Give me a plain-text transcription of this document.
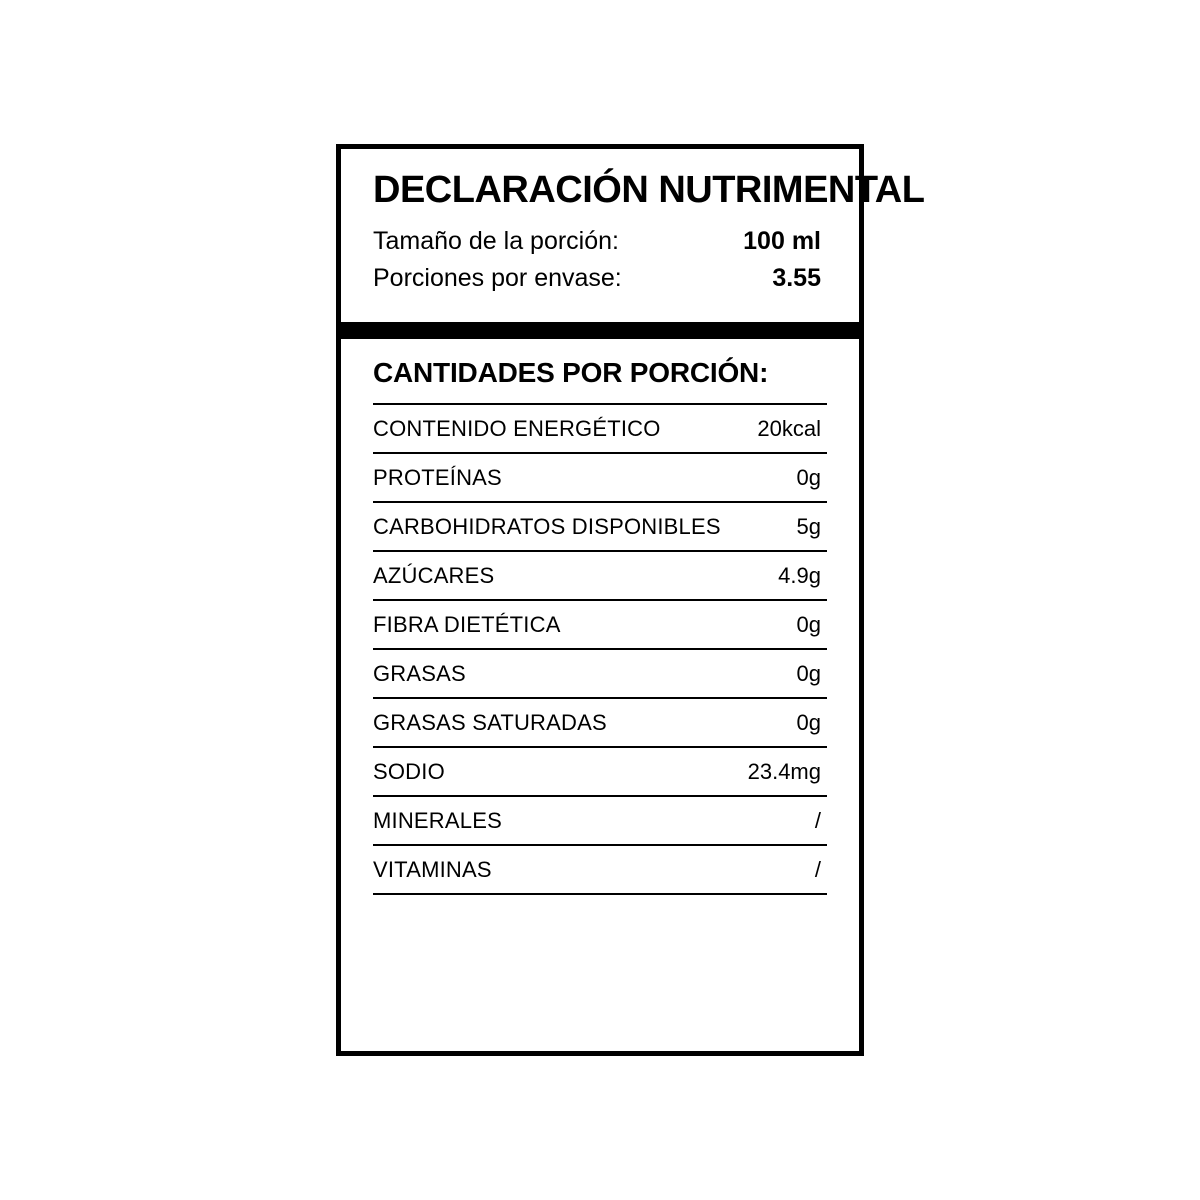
DECLARACIÓN NUTRIMENTAL
Tamaño de la porción:	100 ml
Porciones por envase:	3.55
CANTIDADES POR PORCIÓN:
CONTENIDO ENERGÉTICO	20kcal
PROTEÍNAS	0g
CARBOHIDRATOS DISPONIBLES	5g
AZÚCARES	4.9g
FIBRA DIETÉTICA	0g
GRASAS	0g
GRASAS SATURADAS	0g
SODIO	23.4mg
MINERALES	/
VITAMINAS	/
